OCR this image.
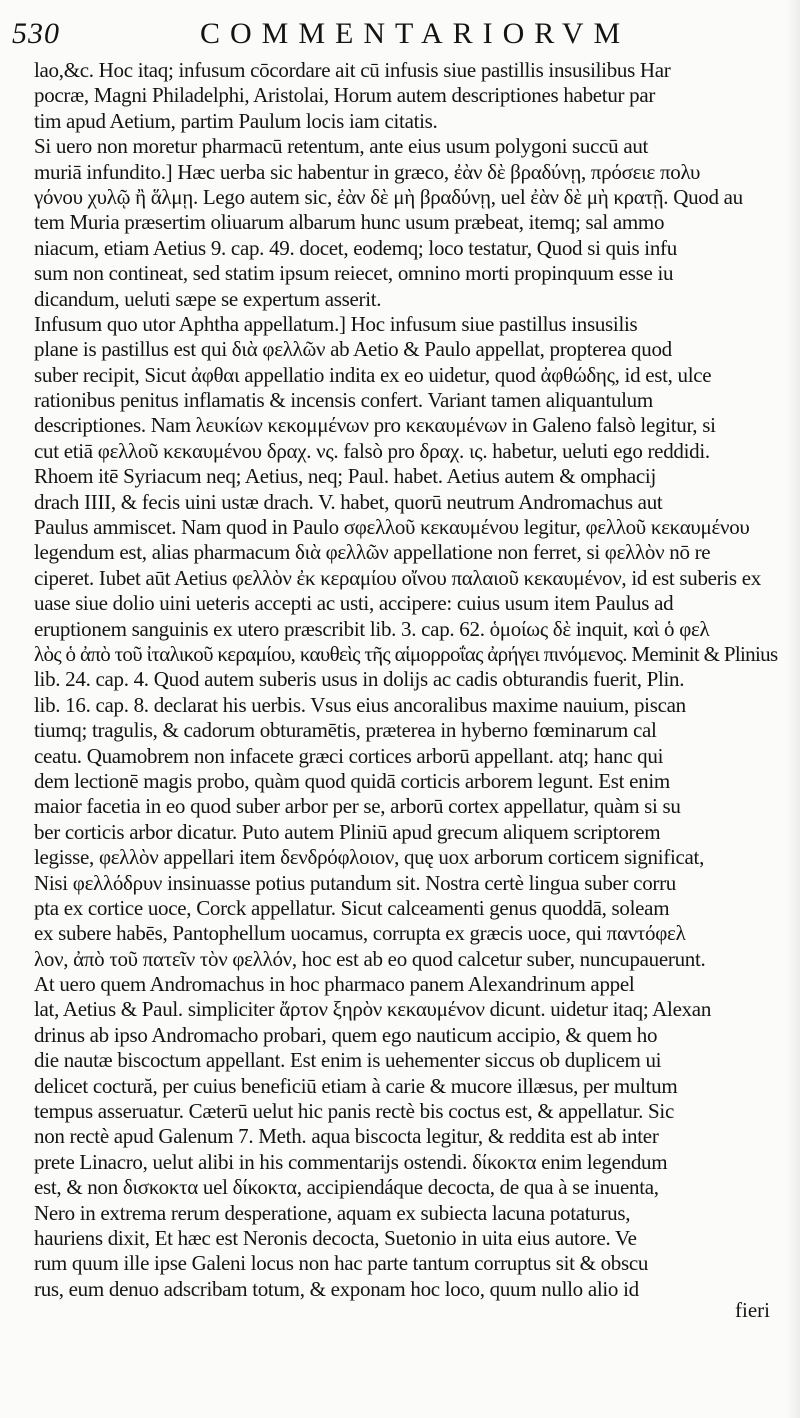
530	COMMENTARIORVM
lao,&c. Hoc itaq; infusum cōcordare ait cū infusis siue pastillis insusilibus Har
pocræ, Magni Philadelphi, Aristolai, Horum autem descriptiones habetur par
tim apud Aetium, partim Paulum locis iam citatis.
Si uero non moretur pharmacū retentum, ante eius usum polygoni succū aut
muriā infundito.] Hæc uerba sic habentur in græco, ἐὰν δὲ βραδύνῃ, πρόσειε πολυ
γόνου χυλῷ ἢ ἅλμῃ. Lego autem sic, ἐὰν δὲ μὴ βραδύνῃ, uel ἐὰν δὲ μὴ κρατῇ. Quod au
tem Muria præsertim oliuarum albarum hunc usum præbeat, itemq; sal ammo
niacum, etiam Aetius 9. cap. 49. docet, eodemq; loco testatur, Quod si quis infu
sum non contineat, sed statim ipsum reiecet, omnino morti propinquum esse iu
dicandum, ueluti sæpe se expertum asserit.
Infusum quo utor Aphtha appellatum.] Hoc infusum siue pastillus insusilis
plane is pastillus est qui διὰ φελλῶν ab Aetio & Paulo appellat, propterea quod
suber recipit, Sicut ἀφθαι appellatio indita ex eo uidetur, quod ἀφθώδης, id est, ulce
rationibus penitus inflamatis & incensis confert. Variant tamen aliquantulum
descriptiones. Nam λευκίων κεκομμένων pro κεκαυμένων in Galeno falsò legitur, si
cut etiā φελλοῦ κεκαυμένου δραχ. νς. falsò pro δραχ. ις. habetur, ueluti ego reddidi.
Rhoem itē Syriacum neq; Aetius, neq; Paul. habet. Aetius autem & omphacij
drach IIII, & fecis uini ustæ drach. V. habet, quorū neutrum Andromachus aut
Paulus ammiscet. Nam quod in Paulo σφελλοῦ κεκαυμένου legitur, φελλοῦ κεκαυμένου
legendum est, alias pharmacum διὰ φελλῶν appellatione non ferret, si φελλὸν nō re
ciperet. Iubet aūt Aetius φελλὸν ἐκ κεραμίου οἴνου παλαιοῦ κεκαυμένον, id est suberis ex
uase siue dolio uini ueteris accepti ac usti, accipere: cuius usum item Paulus ad
eruptionem sanguinis ex utero præscribit lib. 3. cap. 62. ὁμοίως δὲ inquit, καὶ ὁ φελ
λὸς ὁ ἀπὸ τοῦ ἰταλικοῦ κεραμίου, καυθεὶς τῆς αἱμορροΐας ἀρήγει πινόμενος. Meminit & Plinius
lib. 24. cap. 4. Quod autem suberis usus in dolijs ac cadis obturandis fuerit, Plin.
lib. 16. cap. 8. declarat his uerbis. Vsus eius ancoralibus maxime nauium, piscan
tiumq; tragulis, & cadorum obturamētis, præterea in hyberno fœminarum cal
ceatu. Quamobrem non infacete græci cortices arborū appellant. atq; hanc qui
dem lectionē magis probo, quàm quod quidā corticis arborem legunt. Est enim
maior facetia in eo quod suber arbor per se, arborū cortex appellatur, quàm si su
ber corticis arbor dicatur. Puto autem Pliniū apud grecum aliquem scriptorem
legisse, φελλὸν appellari item δενδρόφλοιον, quę uox arborum corticem significat,
Nisi φελλόδρυν insinuasse potius putandum sit. Nostra certè lingua suber corru
pta ex cortice uoce, Corck appellatur. Sicut calceamenti genus quoddā, soleam
ex subere habēs, Pantophellum uocamus, corrupta ex græcis uoce, qui παντόφελ
λον, ἀπὸ τοῦ πατεῖν τὸν φελλόν, hoc est ab eo quod calcetur suber, nuncupauerunt.
At uero quem Andromachus in hoc pharmaco panem Alexandrinum appel
lat, Aetius & Paul. simpliciter ἄρτον ξηρὸν κεκαυμένον dicunt. uidetur itaq; Alexan
drinus ab ipso Andromacho probari, quem ego nauticum accipio, & quem ho
die nautæ biscoctum appellant. Est enim is uehementer siccus ob duplicem ui
delicet coctură, per cuius beneficiū etiam à carie & mucore illæsus, per multum
tempus asseruatur. Cæterū uelut hic panis rectè bis coctus est, & appellatur. Sic
non rectè apud Galenum 7. Meth. aqua biscocta legitur, & reddita est ab inter
prete Linacro, uelut alibi in his commentarijs ostendi. δίκοκτα enim legendum
est, & non δισκοκτα uel δίκοκτα, accipiendáque decocta, de qua à se inuenta,
Nero in extrema rerum desperatione, aquam ex subiecta lacuna potaturus,
hauriens dixit, Et hæc est Neronis decocta, Suetonio in uita eius autore. Ve
rum quum ille ipse Galeni locus non hac parte tantum corruptus sit & obscu
rus, eum denuo adscribam totum, & exponam hoc loco, quum nullo alio id
fieri
